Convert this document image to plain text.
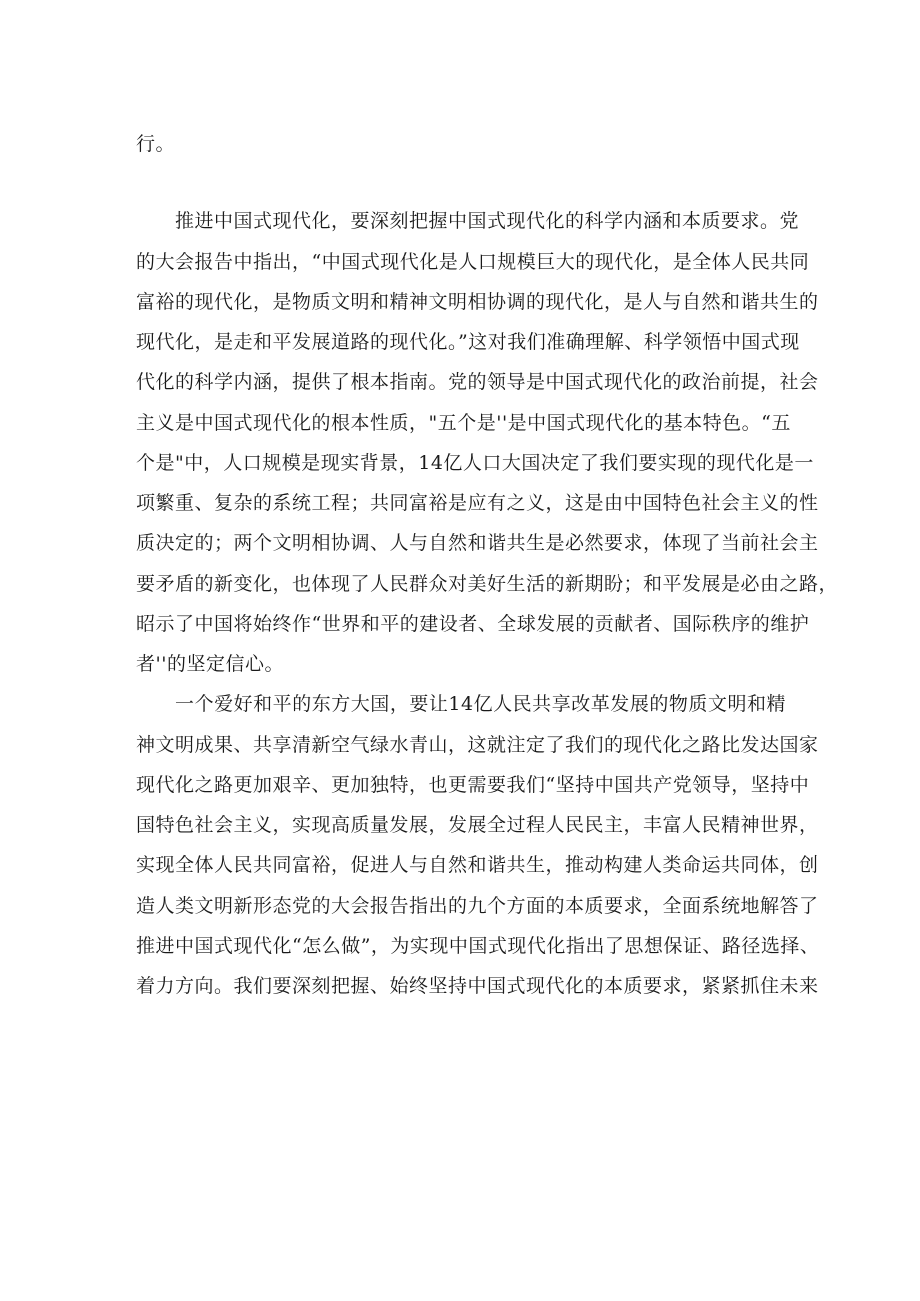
行。
　　推进中国式现代化，要深刻把握中国式现代化的科学内涵和本质要求。党
的大会报告中指出，“中国式现代化是人口规模巨大的现代化，是全体人民共同
富裕的现代化，是物质文明和精神文明相协调的现代化，是人与自然和谐共生的
现代化，是走和平发展道路的现代化。”这对我们准确理解、科学领悟中国式现
代化的科学内涵，提供了根本指南。党的领导是中国式现代化的政治前提，社会
主义是中国式现代化的根本性质，"五个是''是中国式现代化的基本特色。“五
个是"中，人口规模是现实背景，14亿人口大国决定了我们要实现的现代化是一
项繁重、复杂的系统工程；共同富裕是应有之义，这是由中国特色社会主义的性
质决定的；两个文明相协调、人与自然和谐共生是必然要求，体现了当前社会主
要矛盾的新变化，也体现了人民群众对美好生活的新期盼；和平发展是必由之路，
昭示了中国将始终作“世界和平的建设者、全球发展的贡献者、国际秩序的维护
者''的坚定信心。
　　一个爱好和平的东方大国，要让14亿人民共享改革发展的物质文明和精
神文明成果、共享清新空气绿水青山，这就注定了我们的现代化之路比发达国家
现代化之路更加艰辛、更加独特，也更需要我们“坚持中国共产党领导，坚持中
国特色社会主义，实现高质量发展，发展全过程人民民主，丰富人民精神世界，
实现全体人民共同富裕，促进人与自然和谐共生，推动构建人类命运共同体，创
造人类文明新形态党的大会报告指出的九个方面的本质要求，全面系统地解答了
推进中国式现代化“怎么做”，为实现中国式现代化指出了思想保证、路径选择、
着力方向。我们要深刻把握、始终坚持中国式现代化的本质要求，紧紧抓住未来
